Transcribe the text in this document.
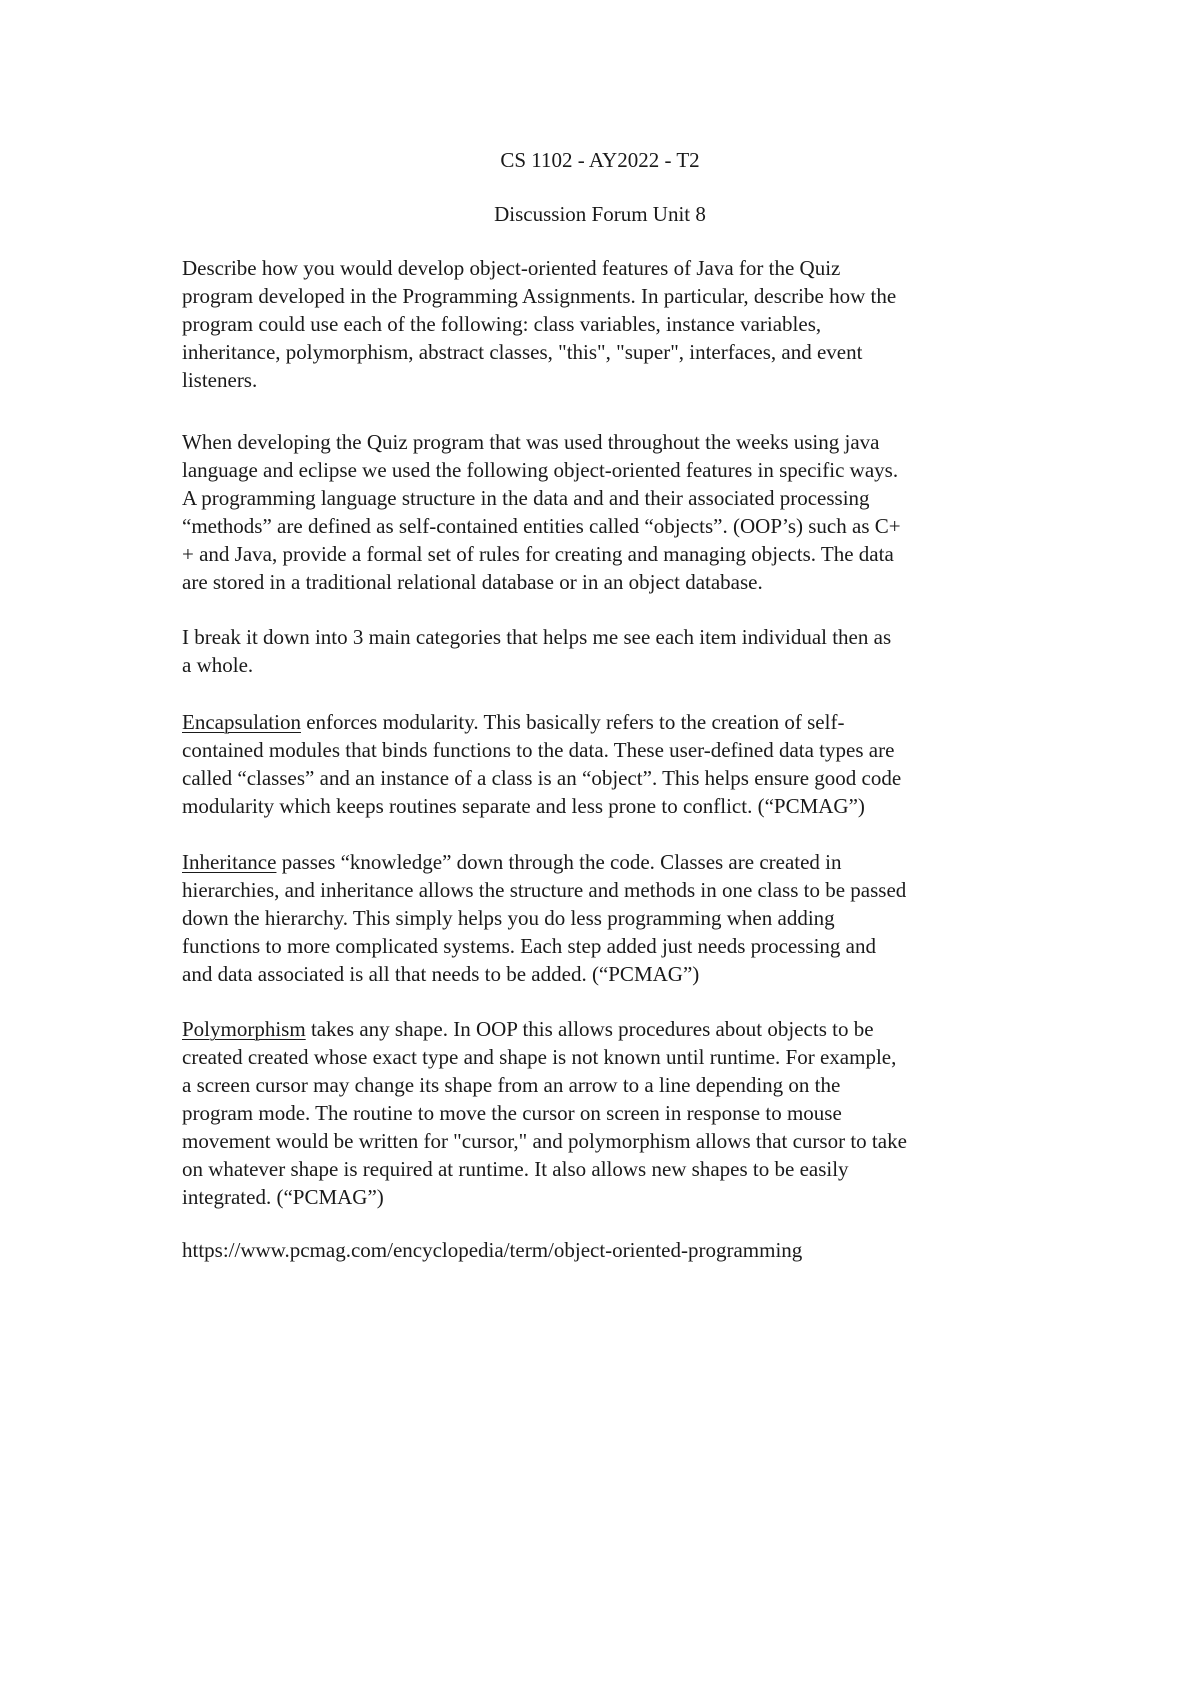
CS 1102 - AY2022 - T2
Discussion Forum Unit 8
Describe how you would develop object-oriented features of Java for the Quiz
program developed in the Programming Assignments. In particular, describe how the
program could use each of the following: class variables, instance variables,
inheritance, polymorphism, abstract classes, "this", "super", interfaces, and event
listeners.
When developing the Quiz program that was used throughout the weeks using java
language and eclipse we used the following object-oriented features in specific ways.
A programming language structure in the data and and their associated processing
“methods” are defined as self-contained entities called “objects”. (OOP’s) such as C+
+ and Java, provide a formal set of rules for creating and managing objects. The data
are stored in a traditional relational database or in an object database.
I break it down into 3 main categories that helps me see each item individual then as
a whole.
Encapsulation enforces modularity. This basically refers to the creation of self-
contained modules that binds functions to the data. These user-defined data types are
called “classes” and an instance of a class is an “object”. This helps ensure good code
modularity which keeps routines separate and less prone to conflict. (“PCMAG”)
Inheritance passes “knowledge” down through the code. Classes are created in
hierarchies, and inheritance allows the structure and methods in one class to be passed
down the hierarchy. This simply helps you do less programming when adding
functions to more complicated systems. Each step added just needs processing and
and data associated is all that needs to be added. (“PCMAG”)
Polymorphism takes any shape. In OOP this allows procedures about objects to be
created created whose exact type and shape is not known until runtime. For example,
a screen cursor may change its shape from an arrow to a line depending on the
program mode. The routine to move the cursor on screen in response to mouse
movement would be written for "cursor," and polymorphism allows that cursor to take
on whatever shape is required at runtime. It also allows new shapes to be easily
integrated. (“PCMAG”)
https://www.pcmag.com/encyclopedia/term/object-oriented-programming
